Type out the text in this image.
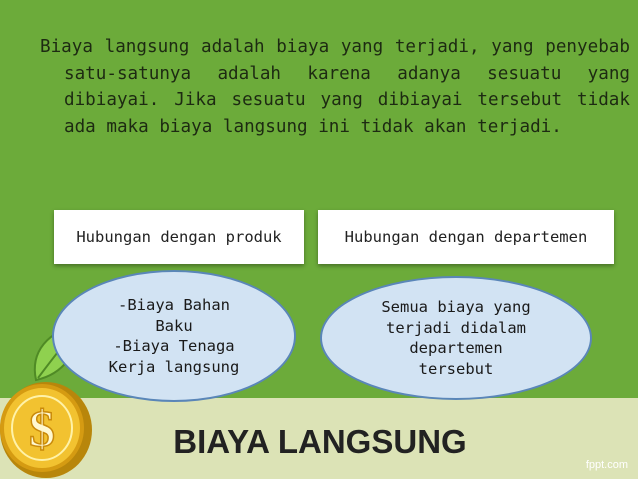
Biaya langsung adalah biaya yang terjadi, yang penyebab satu-satunya adalah karena adanya sesuatu yang dibiayai. Jika sesuatu yang dibiayai tersebut tidak ada maka biaya langsung ini tidak akan terjadi.
Hubungan dengan produk	Hubungan dengan departemen
-Biaya Bahan
Baku
-Biaya Tenaga
Kerja langsung
Semua biaya yang
terjadi didalam
departemen
tersebut
$	BIAYA LANGSUNG
fppt.com
